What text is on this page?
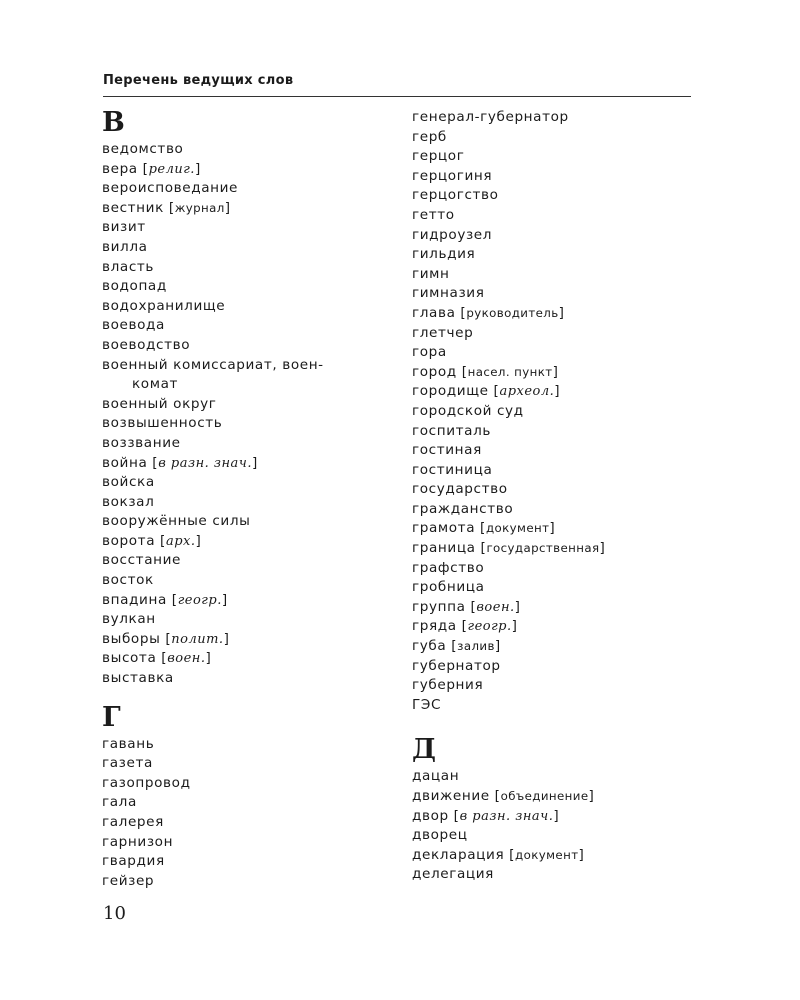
Перечень ведущих слов
В
ведомство
вера [религ.]
вероисповедание
вестник [журнал]
визит
вилла
власть
водопад
водохранилище
воевода
воеводство
военный комиссариат, воен-
комат
военный округ
возвышенность
воззвание
война [в разн. знач.]
войска
вокзал
вооружённые силы
ворота [арх.]
восстание
восток
впадина [геогр.]
вулкан
выборы [полит.]
высота [воен.]
выставка
Г
гавань
газета
газопровод
гала
галерея
гарнизон
гвардия
гейзер
генерал-губернатор
герб
герцог
герцогиня
герцогство
гетто
гидроузел
гильдия
гимн
гимназия
глава [руководитель]
глетчер
гора
город [насел. пункт]
городище [археол.]
городской суд
госпиталь
гостиная
гостиница
государство
гражданство
грамота [документ]
граница [государственная]
графство
гробница
группа [воен.]
гряда [геогр.]
губа [залив]
губернатор
губерния
ГЭС
Д
дацан
движение [объединение]
двор [в разн. знач.]
дворец
декларация [документ]
делегация
10
